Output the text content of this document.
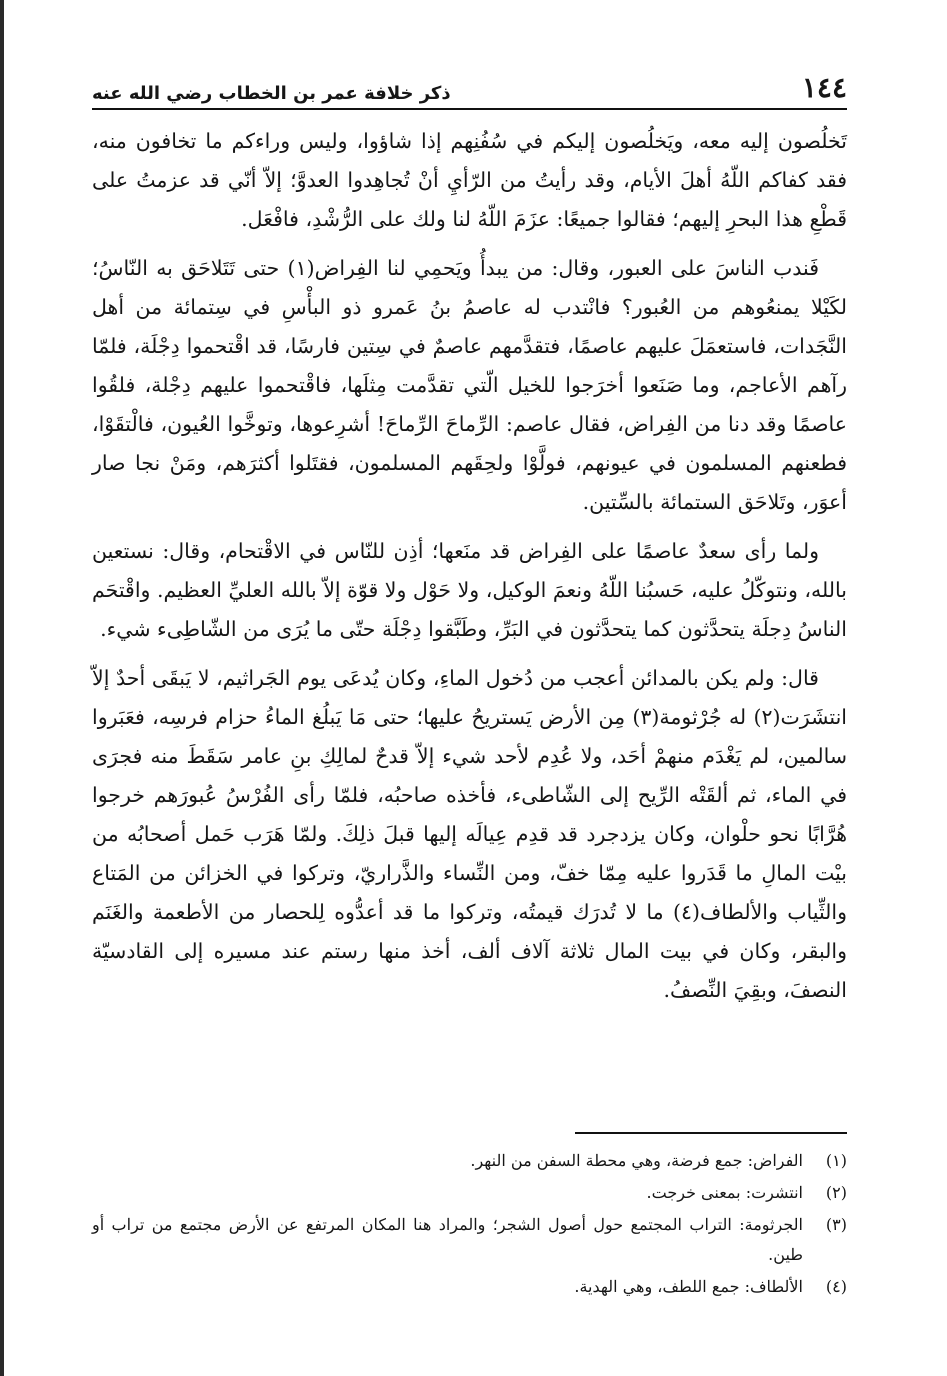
١٤٤
ذكر خلافة عمر بن الخطاب رضي الله عنه

تَخلُصون إليه معه، ويَخلُصون إليكم في سُفُنِهم إذا شاؤوا، وليس وراءكم ما تخافون منه، فقد كفاكم اللّهُ أهلَ الأيام، وقد رأيتُ من الرّأيِ أنْ تُجاهِدوا العدوَّ؛ إلاّ أنّي قد عزمتُ على قَطْعِ هذا البحرِ إليهم؛ فقالوا جميعًا: عزَمَ اللّهُ لنا ولك على الرُّشْدِ، فافْعَل.

فَندب الناسَ على العبور، وقال: من يبدأُ ويَحمِي لنا الفِراض(١) حتى تَتَلاحَق به النّاسُ؛ لكَيْلا يمنعُوهم من العُبور؟ فانْتدب له عاصمُ بنُ عَمرو ذو البأْسِ في سِتمائة من أهل النَّجَدات، فاستعمَلَ عليهم عاصمًا، فتقدَّمهم عاصمٌ في سِتين فارسًا، قد اقْتحموا دِجْلَة، فلمّا رآهم الأعاجم، وما صَنَعوا أخرَجوا للخيل الّتي تقدَّمت مِثلَها، فاقْتحموا عليهم دِجْلة، فلقُوا عاصمًا وقد دنا من الفِراض، فقال عاصم: الرِّماحَ الرِّماحَ! أشرِعوها، وتوخَّوا العُيون، فالْتقَوْا، فطعنهم المسلمون في عيونهم، فولَّوْا ولحِقَهم المسلمون، فقتَلوا أكثرَهم، ومَنْ نجا صار أعوَر، وتَلاحَق الستمائة بالسِّتين.

ولما رأى سعدٌ عاصمًا على الفِراض قد منَعها؛ أذِن للنّاس في الاقْتحام، وقال: نستعين بالله، ونتوكّلُ عليه، حَسبُنا اللّهُ ونعمَ الوكيل، ولا حَوْل ولا قوّة إلاّ بالله العليِّ العظيم. واقْتحَم الناسُ دِجلَة يتحدَّثون كما يتحدَّثون في البَرِّ، وطَبَّقوا دِجْلَة حتّى ما يُرَى من الشّاطِىء شيء.

قال: ولم يكن بالمدائن أعجب من دُخول الماءِ، وكان يُدعَى يوم الجَراثيم، لا يَبقَى أحدٌ إلاّ انتشَرَت(٢) له جُرْثومة(٣) مِن الأرض يَستريحُ عليها؛ حتى مَا يَبلُغ الماءُ حزام فرسِه، فعَبَروا سالمين، لم يَغْدَم منهمْ أحَد، ولا عُدِم لأحد شيء إلاّ قدحٌ لمالِكِ بنِ عامر سَقَطَ منه فجرَى في الماء، ثم ألقَتْه الرِّيح إلى الشّاطىء، فأخذه صاحبُه، فلمّا رأى الفُرْسُ عُبورَهم خرجوا هُرَّابًا نحو حلْوان، وكان يزدجرد قد قدِم عِيالَه إليها قبلَ ذلِكَ. ولمّا هَرَب حَمل أصحابُه من بيْت المالِ ما قَدَروا عليه مِمّا خفّ، ومن النِّساء والذَّراريّ، وتركوا في الخزائن من المَتاع والثِّياب والألطاف(٤) ما لا تُدرَك قيمتُه، وتركوا ما قد أعدُّوه لِلحصار من الأطعمة والغَنَم والبقر، وكان في بيت المال ثلاثة آلاف ألف، أخذ منها رستم عند مسيره إلى القادسيّة النصفَ، وبقِيَ النِّصفُ.

(١)
الفراض: جمع فرضة، وهي محطة السفن من النهر.
(٢)
انتشرت: بمعنى خرجت.
(٣)
الجرثومة: التراب المجتمع حول أصول الشجر؛ والمراد هنا المكان المرتفع عن الأرض مجتمع من تراب أو طين.
(٤)
الألطاف: جمع اللطف، وهي الهدية.
